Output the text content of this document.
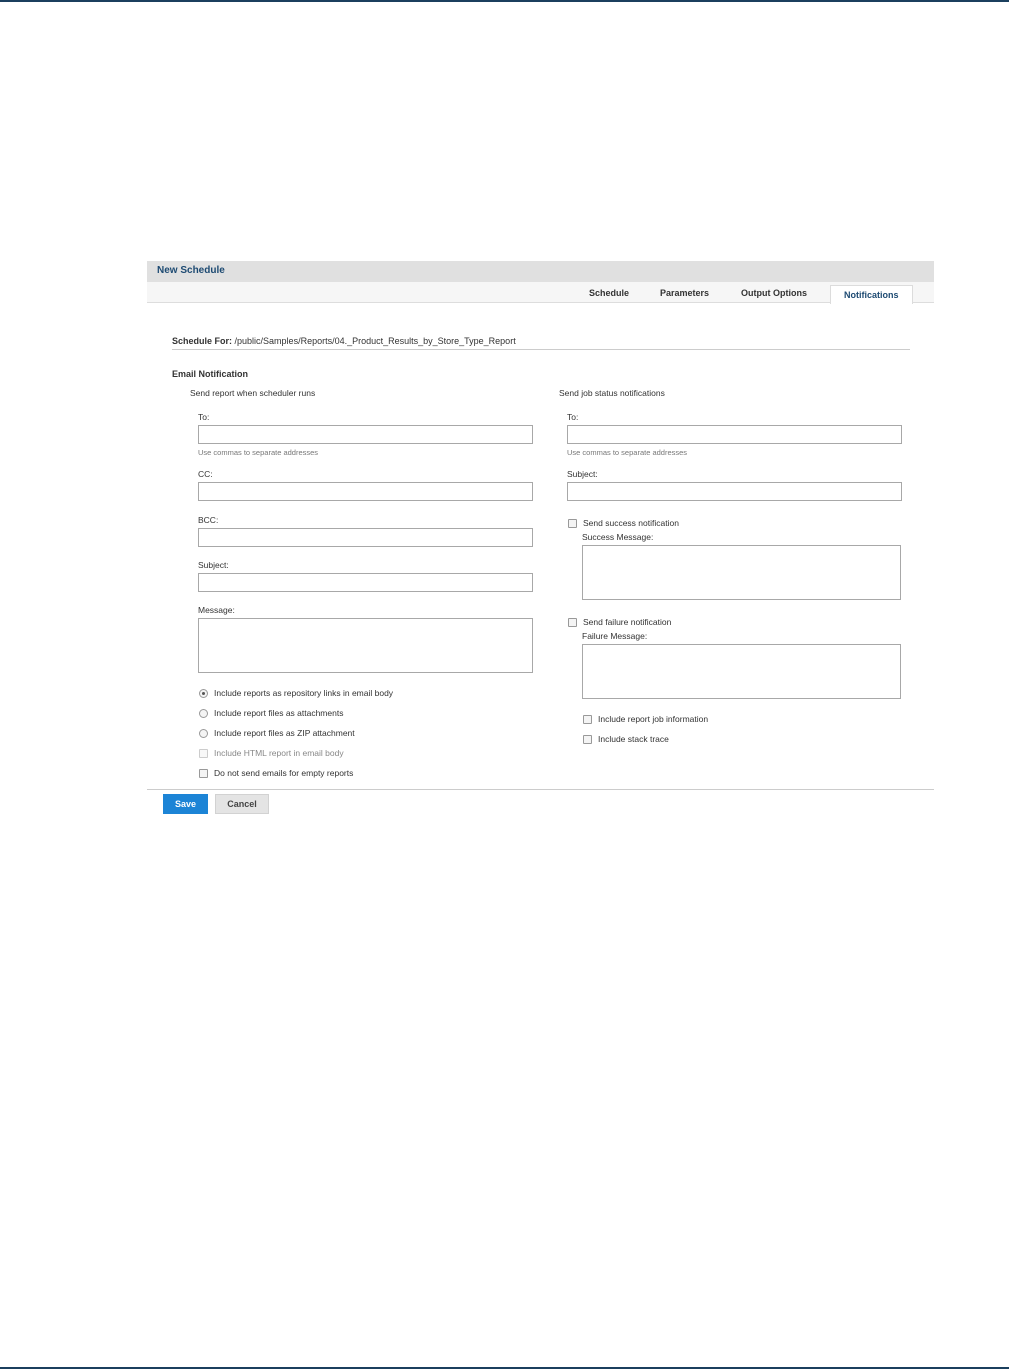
New Schedule
Schedule	Parameters	Output Options	Notifications
Schedule For: /public/Samples/Reports/04._Product_Results_by_Store_Type_Report
Email Notification
Send report when scheduler runs
To:
Use commas to separate addresses
CC:
BCC:
Subject:
Message:
Include reports as repository links in email body
Include report files as attachments
Include report files as ZIP attachment
Include HTML report in email body
Do not send emails for empty reports
Send job status notifications
To:
Use commas to separate addresses
Subject:
Send success notification
Success Message:
Send failure notification
Failure Message:
Include report job information
Include stack trace
Save	Cancel
